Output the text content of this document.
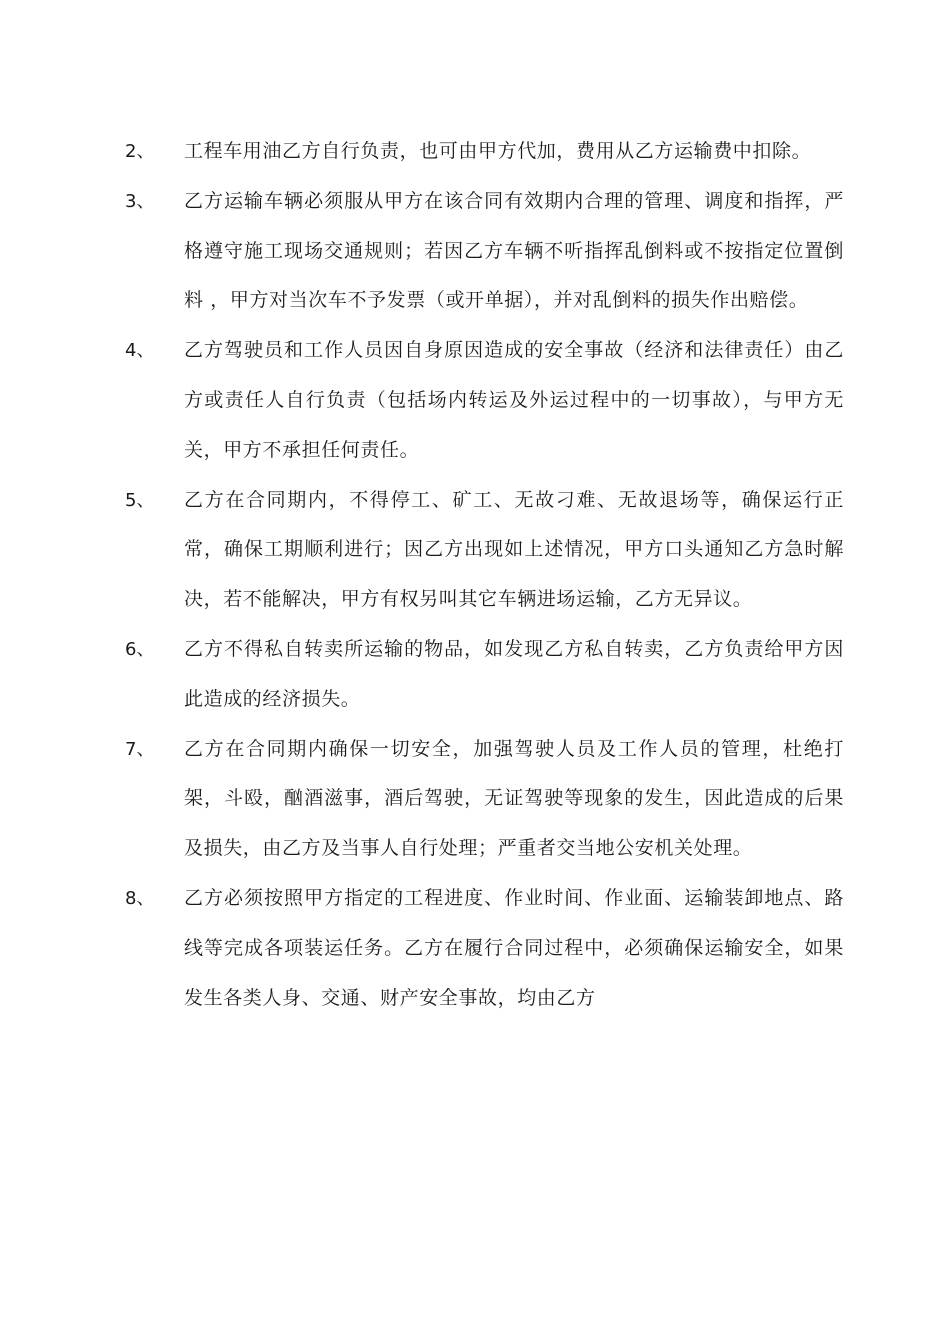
2、	工程车用油乙方自行负责，也可由甲方代加，费用从乙方运输费中扣除。
3、	乙方运输车辆必须服从甲方在该合同有效期内合理的管理、调度和指挥，严格遵守施工现场交通规则；若因乙方车辆不听指挥乱倒料或不按指定位置倒料 ，甲方对当次车不予发票（或开单据），并对乱倒料的损失作出赔偿。
4、	乙方驾驶员和工作人员因自身原因造成的安全事故（经济和法律责任）由乙方或责任人自行负责（包括场内转运及外运过程中的一切事故），与甲方无关，甲方不承担任何责任。
5、	乙方在合同期内，不得停工、矿工、无故刁难、无故退场等，确保运行正常，确保工期顺利进行；因乙方出现如上述情况，甲方口头通知乙方急时解决，若不能解决，甲方有权另叫其它车辆进场运输，乙方无异议。
6、	乙方不得私自转卖所运输的物品，如发现乙方私自转卖，乙方负责给甲方因此造成的经济损失。
7、	乙方在合同期内确保一切安全，加强驾驶人员及工作人员的管理，杜绝打架，斗殴，酗酒滋事，酒后驾驶，无证驾驶等现象的发生，因此造成的后果及损失，由乙方及当事人自行处理；严重者交当地公安机关处理。
8、	乙方必须按照甲方指定的工程进度、作业时间、作业面、运输装卸地点、路线等完成各项装运任务。乙方在履行合同过程中，必须确保运输安全，如果发生各类人身、交通、财产安全事故，均由乙方
